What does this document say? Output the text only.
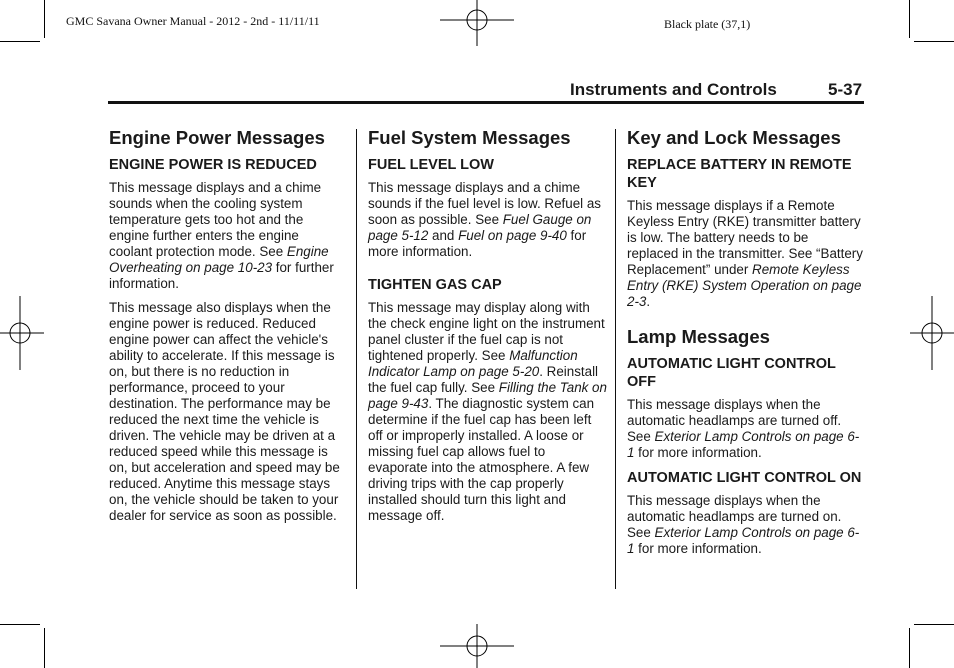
GMC Savana Owner Manual - 2012 - 2nd - 11/11/11	Black plate (37,1)
Instruments and Controls	5-37
Engine Power Messages
ENGINE POWER IS REDUCED

This message displays and a chime sounds when the cooling system temperature gets too hot and the engine further enters the engine coolant protection mode. See Engine Overheating on page 10-23 for further information.

This message also displays when the engine power is reduced. Reduced engine power can affect the vehicle's ability to accelerate. If this message is on, but there is no reduction in performance, proceed to your destination. The performance may be reduced the next time the vehicle is driven. The vehicle may be driven at a reduced speed while this message is on, but acceleration and speed may be reduced. Anytime this message stays on, the vehicle should be taken to your dealer for service as soon as possible.

Fuel System Messages
FUEL LEVEL LOW

This message displays and a chime sounds if the fuel level is low. Refuel as soon as possible. See Fuel Gauge on page 5-12 and Fuel on page 9-40 for more information.

TIGHTEN GAS CAP

This message may display along with the check engine light on the instrument panel cluster if the fuel cap is not tightened properly. See Malfunction Indicator Lamp on page 5-20. Reinstall the fuel cap fully. See Filling the Tank on page 9-43. The diagnostic system can determine if the fuel cap has been left off or improperly installed. A loose or missing fuel cap allows fuel to evaporate into the atmosphere. A few driving trips with the cap properly installed should turn this light and message off.

Key and Lock Messages
REPLACE BATTERY IN REMOTE KEY

This message displays if a Remote Keyless Entry (RKE) transmitter battery is low. The battery needs to be replaced in the transmitter. See “Battery Replacement” under Remote Keyless Entry (RKE) System Operation on page 2-3.

Lamp Messages
AUTOMATIC LIGHT CONTROL OFF

This message displays when the automatic headlamps are turned off. See Exterior Lamp Controls on page 6-1 for more information.

AUTOMATIC LIGHT CONTROL ON

This message displays when the automatic headlamps are turned on. See Exterior Lamp Controls on page 6-1 for more information.
